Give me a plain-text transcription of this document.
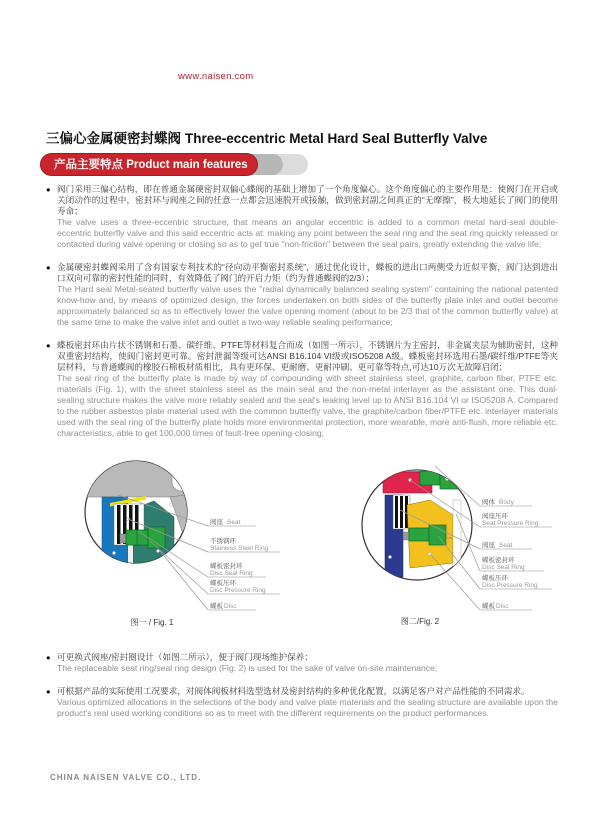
www.naisen.com
三偏心金属硬密封蝶阀 Three-eccentric Metal Hard Seal Butterfly Valve
产品主要特点 Product main features
● 阀门采用三偏心结构，即在普通金属硬密封双偏心蝶阀的基础上增加了一个角度偏心。这个角度偏心的主要作用是：使阀门在开启或关闭动作的过程中，密封环与阀座之间的任意一点都会迅速脱开或接触，做到密封副之间真正的“无摩擦”，极大地延长了阀门的使用寿命；
The valve uses a three-eccentric structure, that means an angular eccentric is added to a common metal hard-seal double-eccentric butterfly valve and this said eccentric acts at: making any point between the seal ring and the seat ring quickly released or contacted during valve opening or closing so as to get true "non-friction" between the seal pairs, greatly extending the valve life;
● 金属硬密封蝶阀采用了含有国家专利技术的“径向动平衡密封系统”，通过优化设计，蝶板的进出口两侧受力近似平衡，阀门达到进出口双向可靠的密封性能的同时，有效降低了阀门的开启力矩（约为普通蝶阀的2/3）；
The Hard seal Metal-seated butterfly valve uses the "radial dynamically balanced sealing system" containing the national patented know-how and, by means of optimized design, the forces undertaken on both sides of the butterfly plate inlet and outlet become approximately balanced so as to effectively lower the valve opening moment (about to be 2/3 that of the common butterfly valve) at the same time to make the valve inlet and outlet a two-way reliable sealing performance;
● 蝶板密封环由片状不锈钢和石墨、碳纤维、PTFE等材料复合而成（如图一所示），不锈钢片为主密封，非金属夹层为辅助密封，这种双重密封结构，使阀门密封更可靠。密封泄漏等级可达ANSI B16.104 VI级或ISO5208 A级。蝶板密封环选用石墨/碳纤维/PTFE等夹层材料，与普通蝶阀的橡胶石棉板材质相比，具有更环保、更耐磨、更耐冲刷、更可靠等特点,可达10万次无故障启闭；
The seal ring of the butterfly plate is made by way of compounding with sheet stainless steel, graphite, carbon fiber, PTFE etc. materials (Fig. 1), with the sheet stainless steel as the main seal and the non-metal interlayer as the assistant one. This dual-sealing structure makes the valve more reliably sealed and the seal's leaking level up to ANSI B16.104 VI or ISO5208 A. Compared to the rubber asbestos plate material used with the common butterfly valve, the graphite/carbon fiber/PTFE etc. interlayer materials used with the seal ring of the butterfly plate holds more environmental protection, more wearable, more anti-flush, more reliable etc. characteristics, able to get 100,000 times of fault-free opening-closing;
阀座 Seat
不锈钢环
Stainless Steel Ring
蝶板密封环
Disc Seal Ring
蝶板压环
Disc Pressure Ring
蝶板 Disc
图一 / Fig. 1
阀体 Body
阀座压环
Seat Pressure Ring
阀座 Seat
蝶板密封环
Disc Seal Ring
蝶板压环
Disc Pressure Ring
蝶板 Disc
图二/Fig. 2
● 可更换式阀座/密封圈设计（如图二所示），便于阀门现场维护保养；
The replaceable seat ring/seal ring design (Fig. 2) is used for the sake of valve on-site maintenance;
● 可根据产品的实际使用工况要求，对阀体阀板材料选型选材及密封结构的多种优化配置，以满足客户对产品性能的不同需求。
Various optimized allocations in the selections of the body and valve plate materials and the sealing structure are available upon the product's real used working conditions so as to meet with the different requirements on the product performances.
CHINA NAISEN VALVE CO., LTD.
